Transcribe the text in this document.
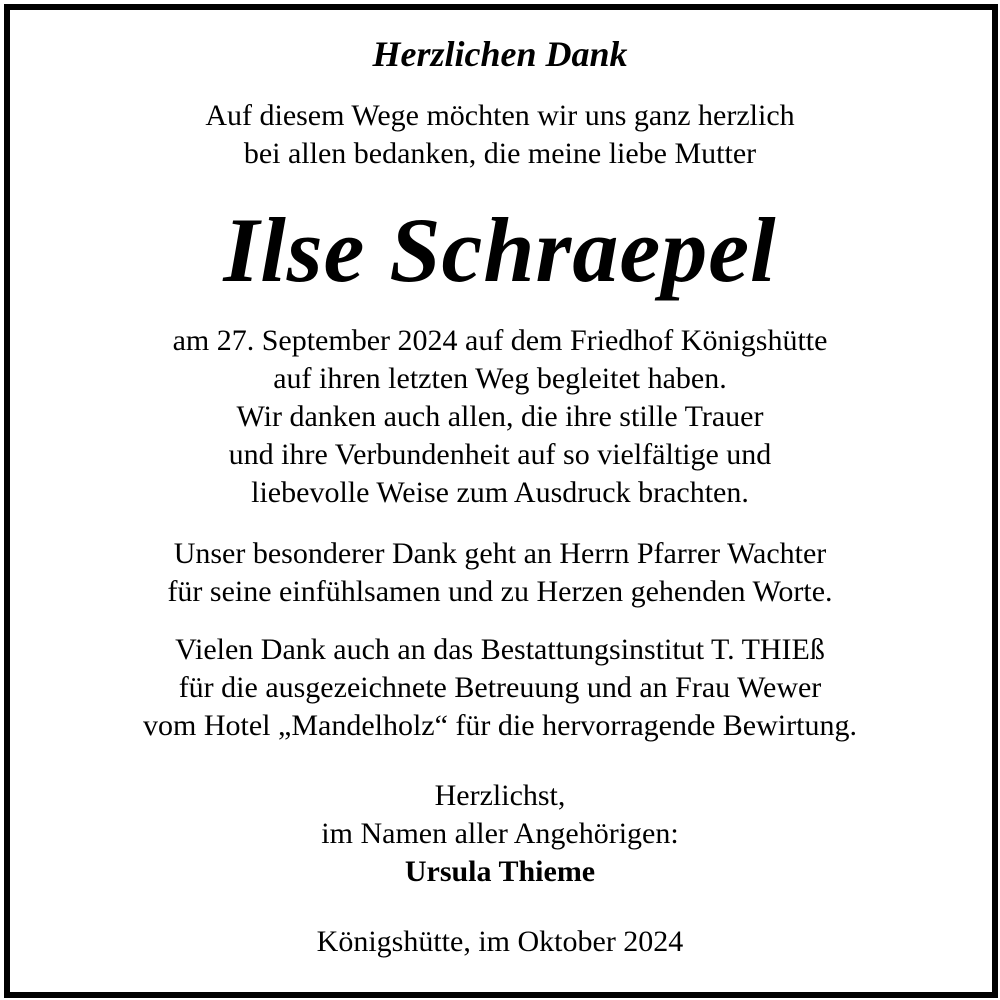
Herzlichen Dank
Auf diesem Wege möchten wir uns ganz herzlich
bei allen bedanken, die meine liebe Mutter
Ilse Schraepel
am 27. September 2024 auf dem Friedhof Königshütte
auf ihren letzten Weg begleitet haben.
Wir danken auch allen, die ihre stille Trauer
und ihre Verbundenheit auf so vielfältige und
liebevolle Weise zum Ausdruck brachten.
Unser besonderer Dank geht an Herrn Pfarrer Wachter
für seine einfühlsamen und zu Herzen gehenden Worte.
Vielen Dank auch an das Bestattungsinstitut T. THIEß
für die ausgezeichnete Betreuung und an Frau Wewer
vom Hotel „Mandelholz“ für die hervorragende Bewirtung.
Herzlichst,
im Namen aller Angehörigen:
Ursula Thieme
Königshütte, im Oktober 2024
